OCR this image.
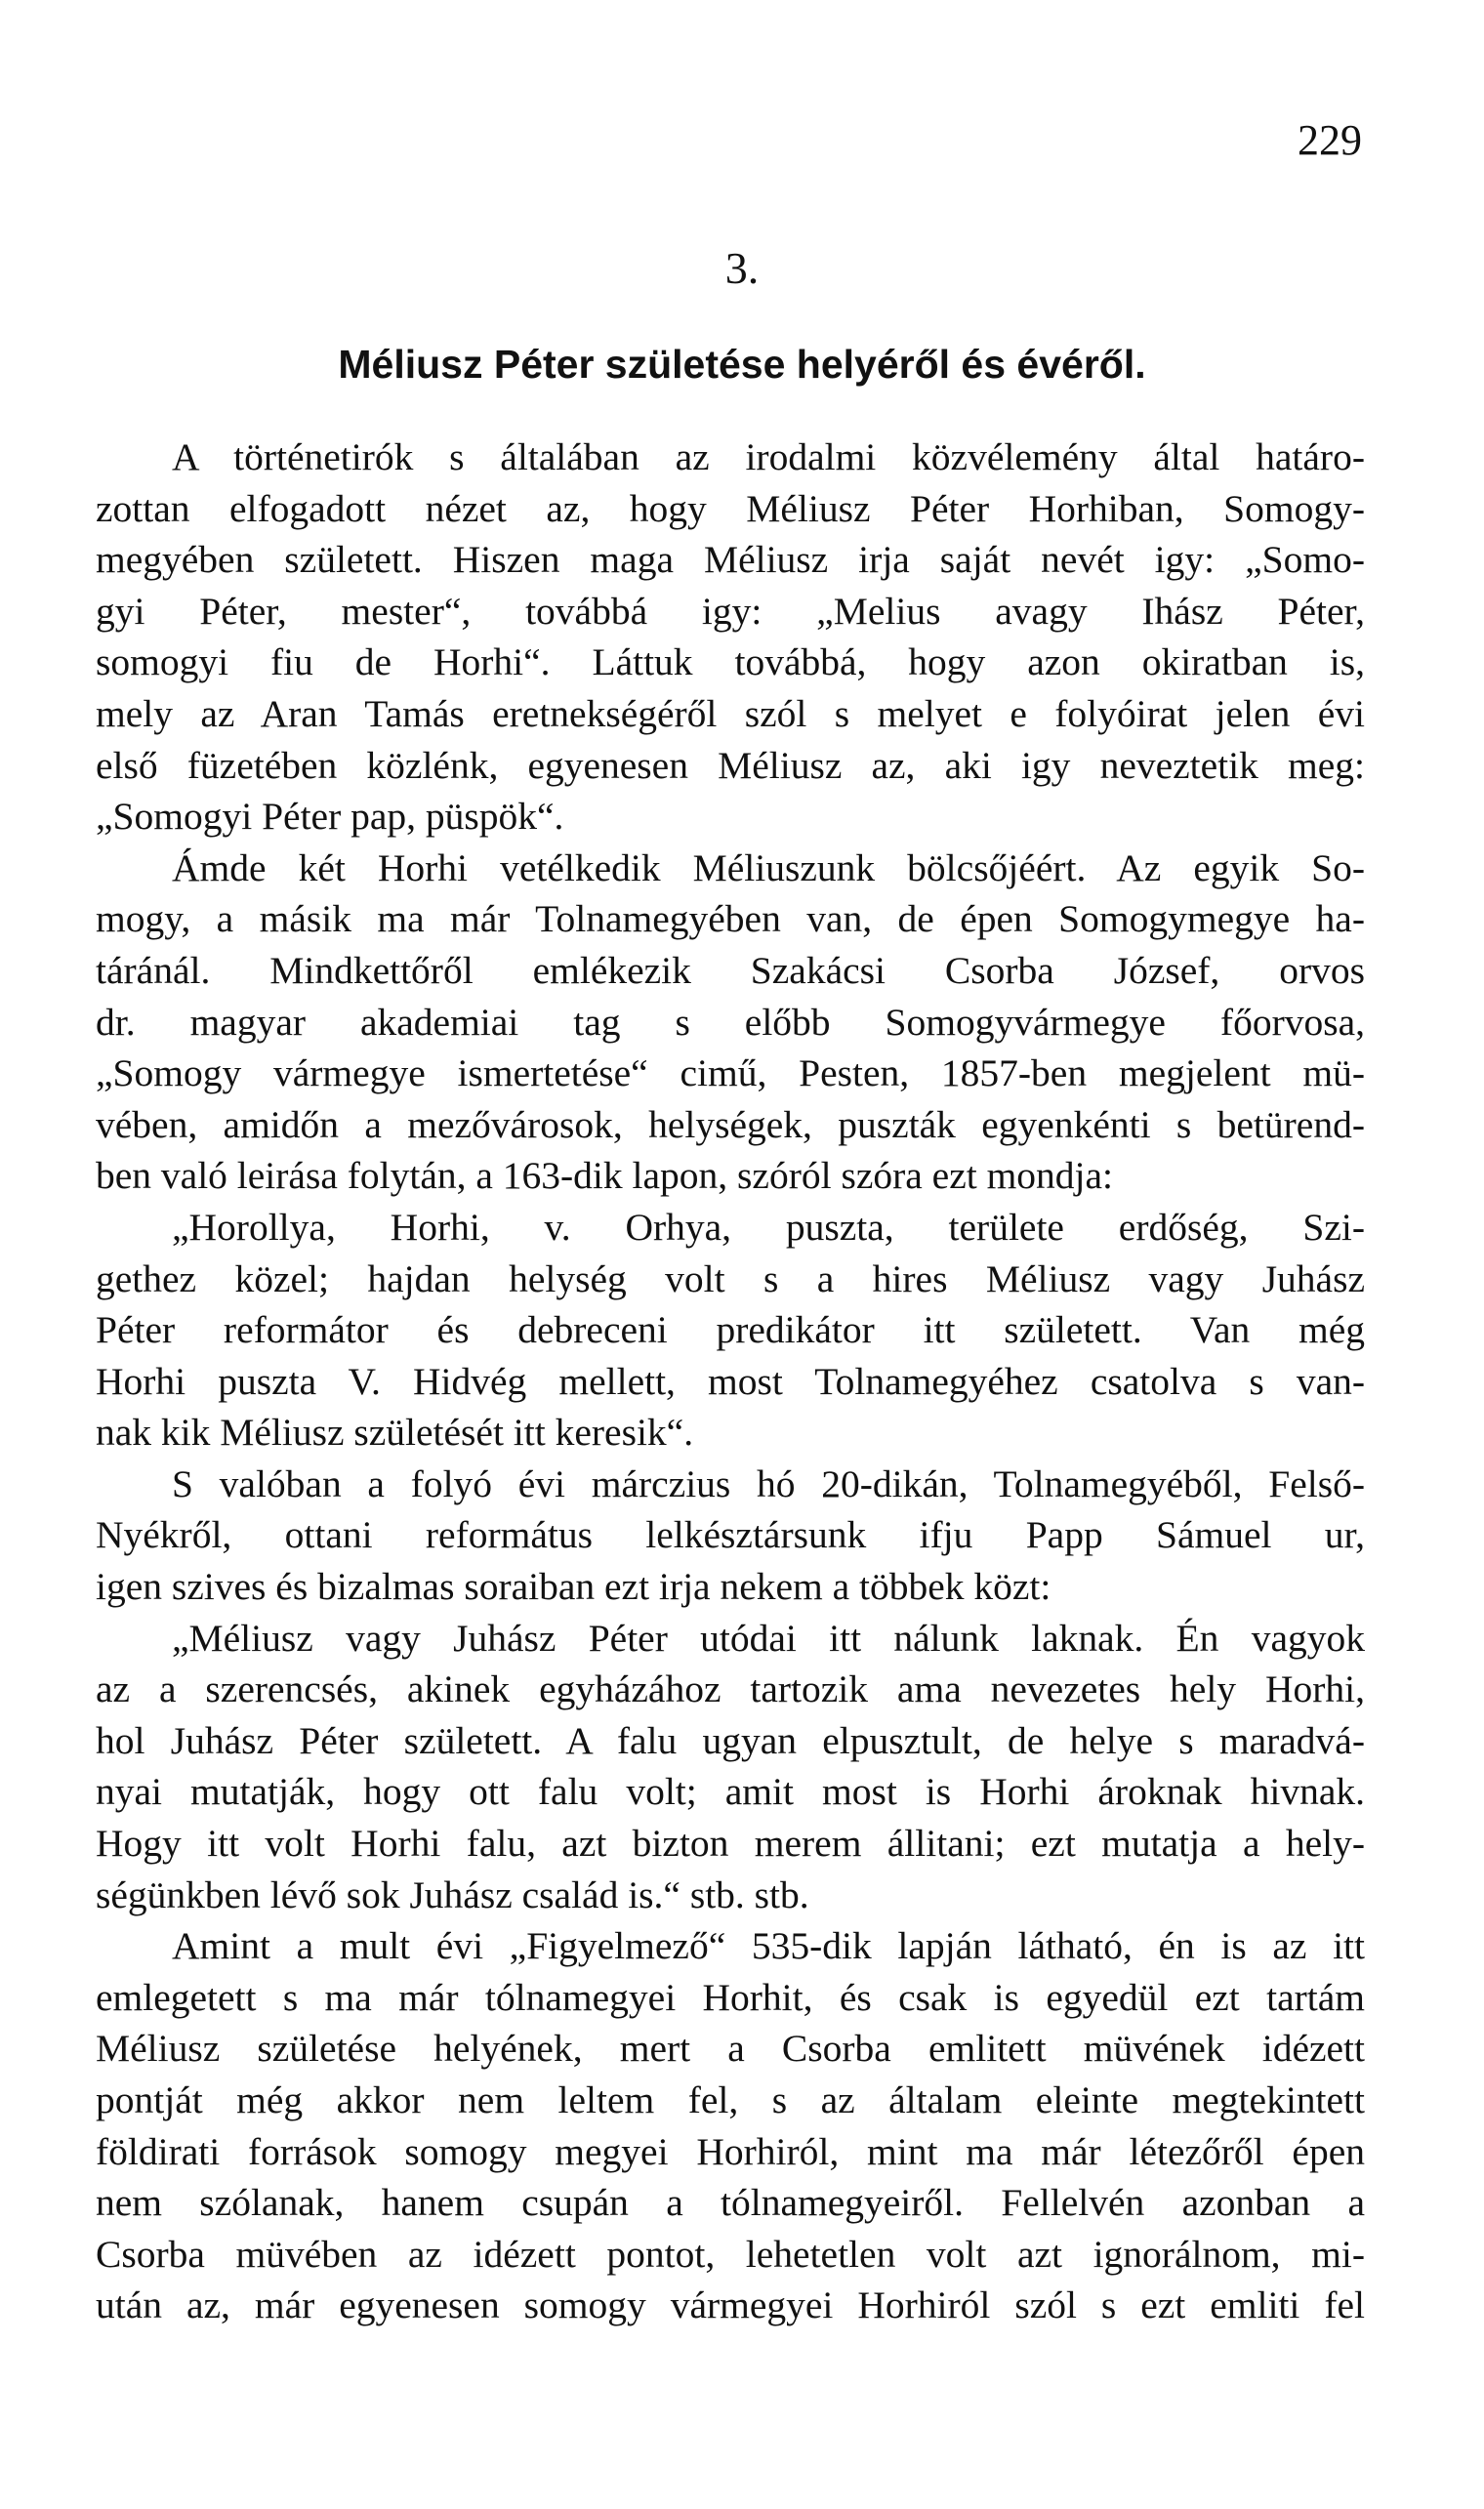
229
3.
Méliusz Péter születése helyéről és évéről.
A történetirók s általában az irodalmi közvélemény által határo-
zottan elfogadott nézet az, hogy Méliusz Péter Horhiban, Somogy-
megyében született. Hiszen maga Méliusz irja saját nevét igy: „Somo-
gyi Péter, mester“, továbbá igy: „Melius avagy Ihász Péter,
somogyi fiu de Horhi“. Láttuk továbbá, hogy azon okiratban is,
mely az Aran Tamás eretnekségéről szól s melyet e folyóirat jelen évi
első füzetében közlénk, egyenesen Méliusz az, aki igy neveztetik meg:
„Somogyi Péter pap, püspök“.
Ámde két Horhi vetélkedik Méliuszunk bölcsőjéért. Az egyik So-
mogy, a másik ma már Tolnamegyében van, de épen Somogymegye ha-
táránál. Mindkettőről emlékezik Szakácsi Csorba József, orvos
dr. magyar akademiai tag s előbb Somogyvármegye főorvosa,
„Somogy vármegye ismertetése“ cimű, Pesten, 1857-ben megjelent mü-
vében, amidőn a mezővárosok, helységek, puszták egyenkénti s betürend-
ben való leirása folytán, a 163-dik lapon, szóról szóra ezt mondja:
„Horollya, Horhi, v. Orhya, puszta, területe erdőség, Szi-
gethez közel; hajdan helység volt s a hires Méliusz vagy Juhász
Péter reformátor és debreceni predikátor itt született. Van még
Horhi puszta V. Hidvég mellett, most Tolnamegyéhez csatolva s van-
nak kik Méliusz születését itt keresik“.
S valóban a folyó évi márczius hó 20-dikán, Tolnamegyéből, Felső-
Nyékről, ottani református lelkésztársunk ifju Papp Sámuel ur,
igen szives és bizalmas soraiban ezt irja nekem a többek közt:
„Méliusz vagy Juhász Péter utódai itt nálunk laknak. Én vagyok
az a szerencsés, akinek egyházához tartozik ama nevezetes hely Horhi,
hol Juhász Péter született. A falu ugyan elpusztult, de helye s maradvá-
nyai mutatják, hogy ott falu volt; amit most is Horhi ároknak hivnak.
Hogy itt volt Horhi falu, azt bizton merem állitani; ezt mutatja a hely-
ségünkben lévő sok Juhász család is.“ stb. stb.
Amint a mult évi „Figyelmező“ 535-dik lapján látható, én is az itt
emlegetett s ma már tólnamegyei Horhit, és csak is egyedül ezt tartám
Méliusz születése helyének, mert a Csorba emlitett müvének idézett
pontját még akkor nem leltem fel, s az általam eleinte megtekintett
földirati források somogy megyei Horhiról, mint ma már létezőről épen
nem szólanak, hanem csupán a tólnamegyeiről. Fellelvén azonban a
Csorba müvében az idézett pontot, lehetetlen volt azt ignorálnom, mi-
után az, már egyenesen somogy vármegyei Horhiról szól s ezt emliti fel
